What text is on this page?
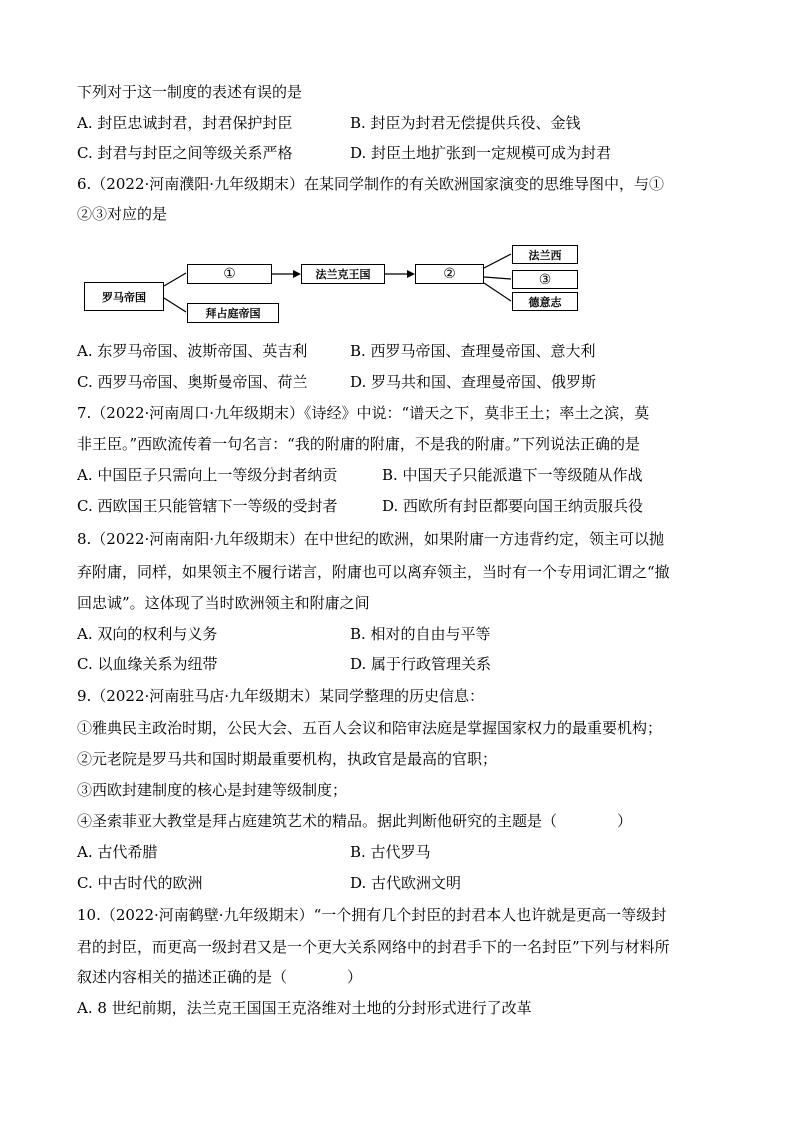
下列对于这一制度的表述有误的是
A. 封臣忠诚封君，封君保护封臣	B. 封臣为封君无偿提供兵役、金钱
C. 封君与封臣之间等级关系严格	D. 封臣土地扩张到一定规模可成为封君
6.（2022·河南濮阳·九年级期末）在某同学制作的有关欧洲国家演变的思维导图中，与①
②③对应的是
罗马帝国
①
拜占庭帝国
法兰克王国	②
法兰西
③
德意志
A. 东罗马帝国、波斯帝国、英吉利	B. 西罗马帝国、查理曼帝国、意大利
C. 西罗马帝国、奥斯曼帝国、荷兰	D. 罗马共和国、查理曼帝国、俄罗斯
7.（2022·河南周口·九年级期末）《诗经》中说：“谱天之下，莫非王土；率土之滨，莫
非王臣。”西欧流传着一句名言：“我的附庸的附庸，不是我的附庸。”下列说法正确的是
A. 中国臣子只需向上一等级分封者纳贡	B. 中国天子只能派遣下一等级随从作战
C. 西欧国王只能管辖下一等级的受封者	D. 西欧所有封臣都要向国王纳贡服兵役
8.（2022·河南南阳·九年级期末）在中世纪的欧洲，如果附庸一方违背约定，领主可以抛
弃附庸，同样，如果领主不履行诺言，附庸也可以离弃领主，当时有一个专用词汇谓之“撤
回忠诚”。这体现了当时欧洲领主和附庸之间
A. 双向的权利与义务	B. 相对的自由与平等
C. 以血缘关系为纽带	D. 属于行政管理关系
9.（2022·河南驻马店·九年级期末）某同学整理的历史信息：
①雅典民主政治时期，公民大会、五百人会议和陪审法庭是掌握国家权力的最重要机构；
②元老院是罗马共和国时期最重要机构，执政官是最高的官职；
③西欧封建制度的核心是封建等级制度；
④圣索菲亚大教堂是拜占庭建筑艺术的精品。据此判断他研究的主题是（　　　　）
A. 古代希腊	B. 古代罗马
C. 中古时代的欧洲	D. 古代欧洲文明
10.（2022·河南鹤壁·九年级期末）“一个拥有几个封臣的封君本人也许就是更高一等级封
君的封臣，而更高一级封君又是一个更大关系网络中的封君手下的一名封臣”下列与材料所
叙述内容相关的描述正确的是（　　　　）
A. 8 世纪前期，法兰克王国国王克洛维对土地的分封形式进行了改革
